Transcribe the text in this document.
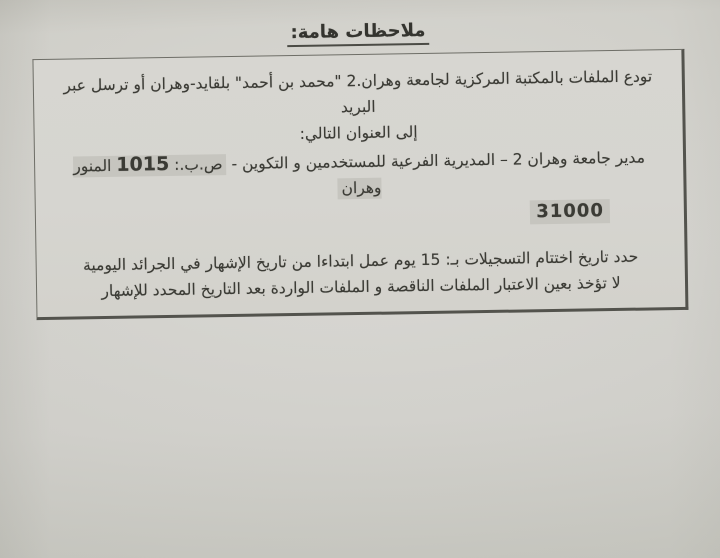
ملاحظات هامة:
تودع الملفات بالمكتبة المركزية لجامعة وهران.2 "محمد بن أحمد" بلقايد-وهران أو ترسل عبر البريد
إلى العنوان التالي:
مدير جامعة وهران 2 – المديرية الفرعية للمستخدمين و التكوين - ص.ب.: 1015 المنور وهران
31000
حدد تاريخ اختتام التسجيلات بـ: 15 يوم عمل ابتداءا من تاريخ الإشهار في الجرائد اليومية
لا تؤخذ بعين الاعتبار الملفات الناقصة و الملفات الواردة بعد التاريخ المحدد للإشهار
